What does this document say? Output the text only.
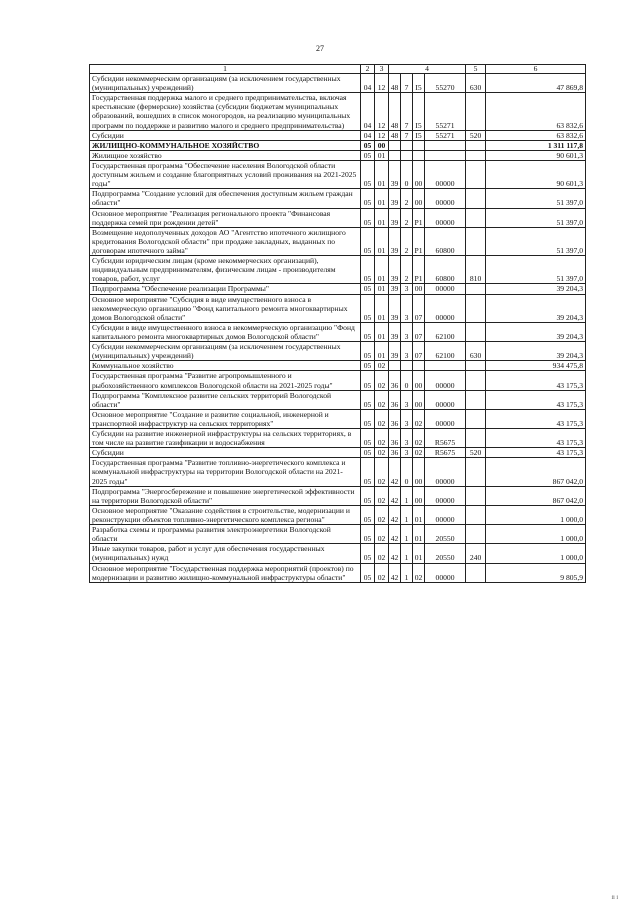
27
1	2	3	4				5	6
Субсидии некоммерческим организациям (за исключением государственных (муниципальных) учреждений)	04	12	48	7	I5	55270	630	47 869,8
Государственная поддержка малого и среднего предпринимательства, включая крестьянские (фермерские) хозяйства (субсидии бюджетам муниципальных образований, вошедших в список моногородов, на реализацию муниципальных программ по поддержке и развитию малого и среднего предпринимательства)	04	12	48	7	I5	55271		63 832,6
Субсидии	04	12	48	7	I5	55271	520	63 832,6
ЖИЛИЩНО-КОММУНАЛЬНОЕ ХОЗЯЙСТВО	05	00						1 311 117,8
Жилищное хозяйство	05	01						90 601,3
Государственная программа "Обеспечение населения Вологодской области доступным жильем и создание благоприятных условий проживания на 2021-2025 годы"	05	01	39	0	00	00000		90 601,3
Подпрограмма "Создание условий для обеспечения доступным жильем граждан области"	05	01	39	2	00	00000		51 397,0
Основное мероприятие "Реализация регионального проекта "Финансовая поддержка семей при рождении детей"	05	01	39	2	P1	00000		51 397,0
Возмещение недополученных доходов АО "Агентство ипотечного жилищного кредитования Вологодской области" при продаже закладных, выданных по договорам ипотечного займа"	05	01	39	2	P1	60800		51 397,0
Субсидии юридическим лицам (кроме некоммерческих организаций), индивидуальным предпринимателям, физическим лицам - производителям товаров, работ, услуг	05	01	39	2	P1	60800	810	51 397,0
Подпрограмма "Обеспечение реализации Программы"	05	01	39	3	00	00000		39 204,3
Основное мероприятие "Субсидия в виде имущественного взноса в некоммерческую организацию "Фонд капитального ремонта многоквартирных домов Вологодской области"	05	01	39	3	07	00000		39 204,3
Субсидии в виде имущественного взноса в некоммерческую организацию "Фонд капитального ремонта многоквартирных домов Вологодской области"	05	01	39	3	07	62100		39 204,3
Субсидии некоммерческим организациям (за исключением государственных (муниципальных) учреждений)	05	01	39	3	07	62100	630	39 204,3
Коммунальное хозяйство	05	02						934 475,8
Государственная программа "Развитие агропромышленного и рыбохозяйственного комплексов Вологодской области на 2021-2025 годы"	05	02	36	0	00	00000		43 175,3
Подпрограмма "Комплексное развитие сельских территорий Вологодской области"	05	02	36	3	00	00000		43 175,3
Основное мероприятие "Создание и развитие социальной, инженерной и транспортной инфраструктур на сельских территориях"	05	02	36	3	02	00000		43 175,3
Субсидии на развитие инженерной инфраструктуры на сельских территориях, в том числе на развитие газификации и водоснабжения	05	02	36	3	02	R5675		43 175,3
Субсидии	05	02	36	3	02	R5675	520	43 175,3
Государственная программа "Развитие топливно-энергетического комплекса и коммунальной инфраструктуры на территории Вологодской области на 2021-2025 годы"	05	02	42	0	00	00000		867 042,0
Подпрограмма "Энергосбережение и повышение энергетической эффективности на территории Вологодской области"	05	02	42	1	00	00000		867 042,0
Основное мероприятие "Оказание содействия в строительстве, модернизации и реконструкции объектов топливно-энергетического комплекса региона"	05	02	42	1	01	00000		1 000,0
Разработка схемы и программы развития электроэнергетики Вологодской области	05	02	42	1	01	20550		1 000,0
Иные закупки товаров, работ и услуг для обеспечения государственных (муниципальных) нужд	05	02	42	1	01	20550	240	1 000,0
Основное мероприятие "Государственная поддержка мероприятий (проектов) по модернизации и развитию жилищно-коммунальной инфраструктуры области"	05	02	42	1	02	00000		9 805,9
ii i
